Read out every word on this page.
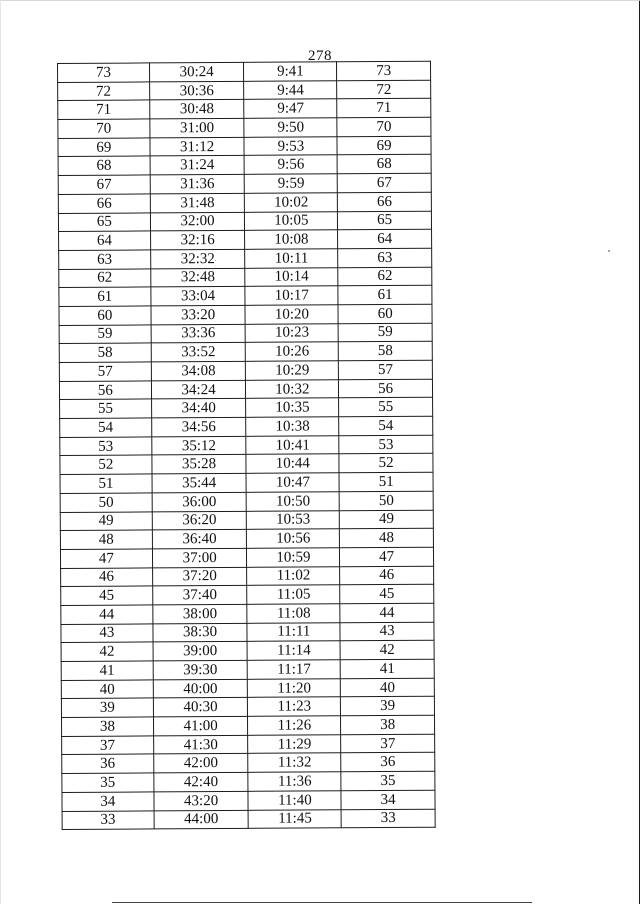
278
73	30:24	9:41	73
72	30:36	9:44	72
71	30:48	9:47	71
70	31:00	9:50	70
69	31:12	9:53	69
68	31:24	9:56	68
67	31:36	9:59	67
66	31:48	10:02	66
65	32:00	10:05	65
64	32:16	10:08	64
63	32:32	10:11	63
62	32:48	10:14	62
61	33:04	10:17	61
60	33:20	10:20	60
59	33:36	10:23	59
58	33:52	10:26	58
57	34:08	10:29	57
56	34:24	10:32	56
55	34:40	10:35	55
54	34:56	10:38	54
53	35:12	10:41	53
52	35:28	10:44	52
51	35:44	10:47	51
50	36:00	10:50	50
49	36:20	10:53	49
48	36:40	10:56	48
47	37:00	10:59	47
46	37:20	11:02	46
45	37:40	11:05	45
44	38:00	11:08	44
43	38:30	11:11	43
42	39:00	11:14	42
41	39:30	11:17	41
40	40:00	11:20	40
39	40:30	11:23	39
38	41:00	11:26	38
37	41:30	11:29	37
36	42:00	11:32	36
35	42:40	11:36	35
34	43:20	11:40	34
33	44:00	11:45	33
